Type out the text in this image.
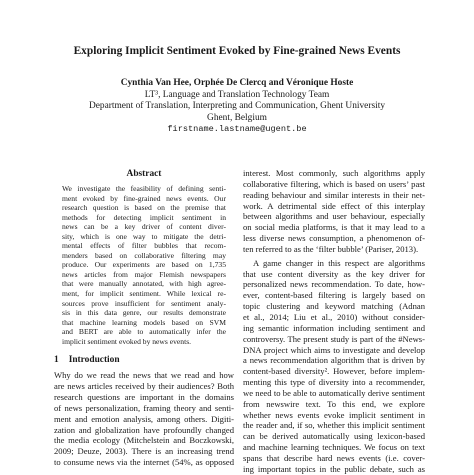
Exploring Implicit Sentiment Evoked by Fine-grained News Events
Cynthia Van Hee, Orphée De Clercq and Véronique Hoste
LT³, Language and Translation Technology Team
Department of Translation, Interpreting and Communication, Ghent University
Ghent, Belgium
firstname.lastname@ugent.be
Abstract
We investigate the feasibility of defining senti-
ment evoked by fine-grained news events. Our
research question is based on the premise that
methods for detecting implicit sentiment in
news can be a key driver of content diver-
sity, which is one way to mitigate the detri-
mental effects of filter bubbles that recom-
menders based on collaborative filtering may
produce. Our experiments are based on 1,735
news articles from major Flemish newspapers
that were manually annotated, with high agree-
ment, for implicit sentiment. While lexical re-
sources prove insufficient for sentiment analy-
sis in this data genre, our results demonstrate
that machine learning models based on SVM
and BERT are able to automatically infer the
implicit sentiment evoked by news events.
1 Introduction
Why do we read the news that we read and how
are news articles received by their audiences? Both
research questions are important in the domains
of news personalization, framing theory and senti-
ment and emotion analysis, among others. Digiti-
zation and globalization have profoundly changed
the media ecology (Mitchelstein and Boczkowski,
2009; Deuze, 2003). There is an increasing trend
to consume news via the internet (54%, as opposed
interest. Most commonly, such algorithms apply
collaborative filtering, which is based on users’ past
reading behaviour and similar interests in their net-
work. A detrimental side effect of this interplay
between algorithms and user behaviour, especially
on social media platforms, is that it may lead to a
less diverse news consumption, a phenomenon of-
ten referred to as the ‘filter bubble’ (Pariser, 2013).
A game changer in this respect are algorithms
that use content diversity as the key driver for
personalized news recommendation. To date, how-
ever, content-based filtering is largely based on
topic clustering and keyword matching (Adnan
et al., 2014; Liu et al., 2010) without consider-
ing semantic information including sentiment and
controversy. The present study is part of the #News-
DNA project which aims to investigate and develop
a news recommendation algorithm that is driven by
content-based diversity². However, before implem-
menting this type of diversity into a recommender,
we need to be able to automatically derive sentiment
from newswire text. To this end, we explore
whether news events evoke implicit sentiment in
the reader and, if so, whether this implicit sentiment
can be derived automatically using lexicon-based
and machine learning techniques. We focus on text
spans that describe hard news events (i.e. cover-
ing important topics in the public debate, such as
